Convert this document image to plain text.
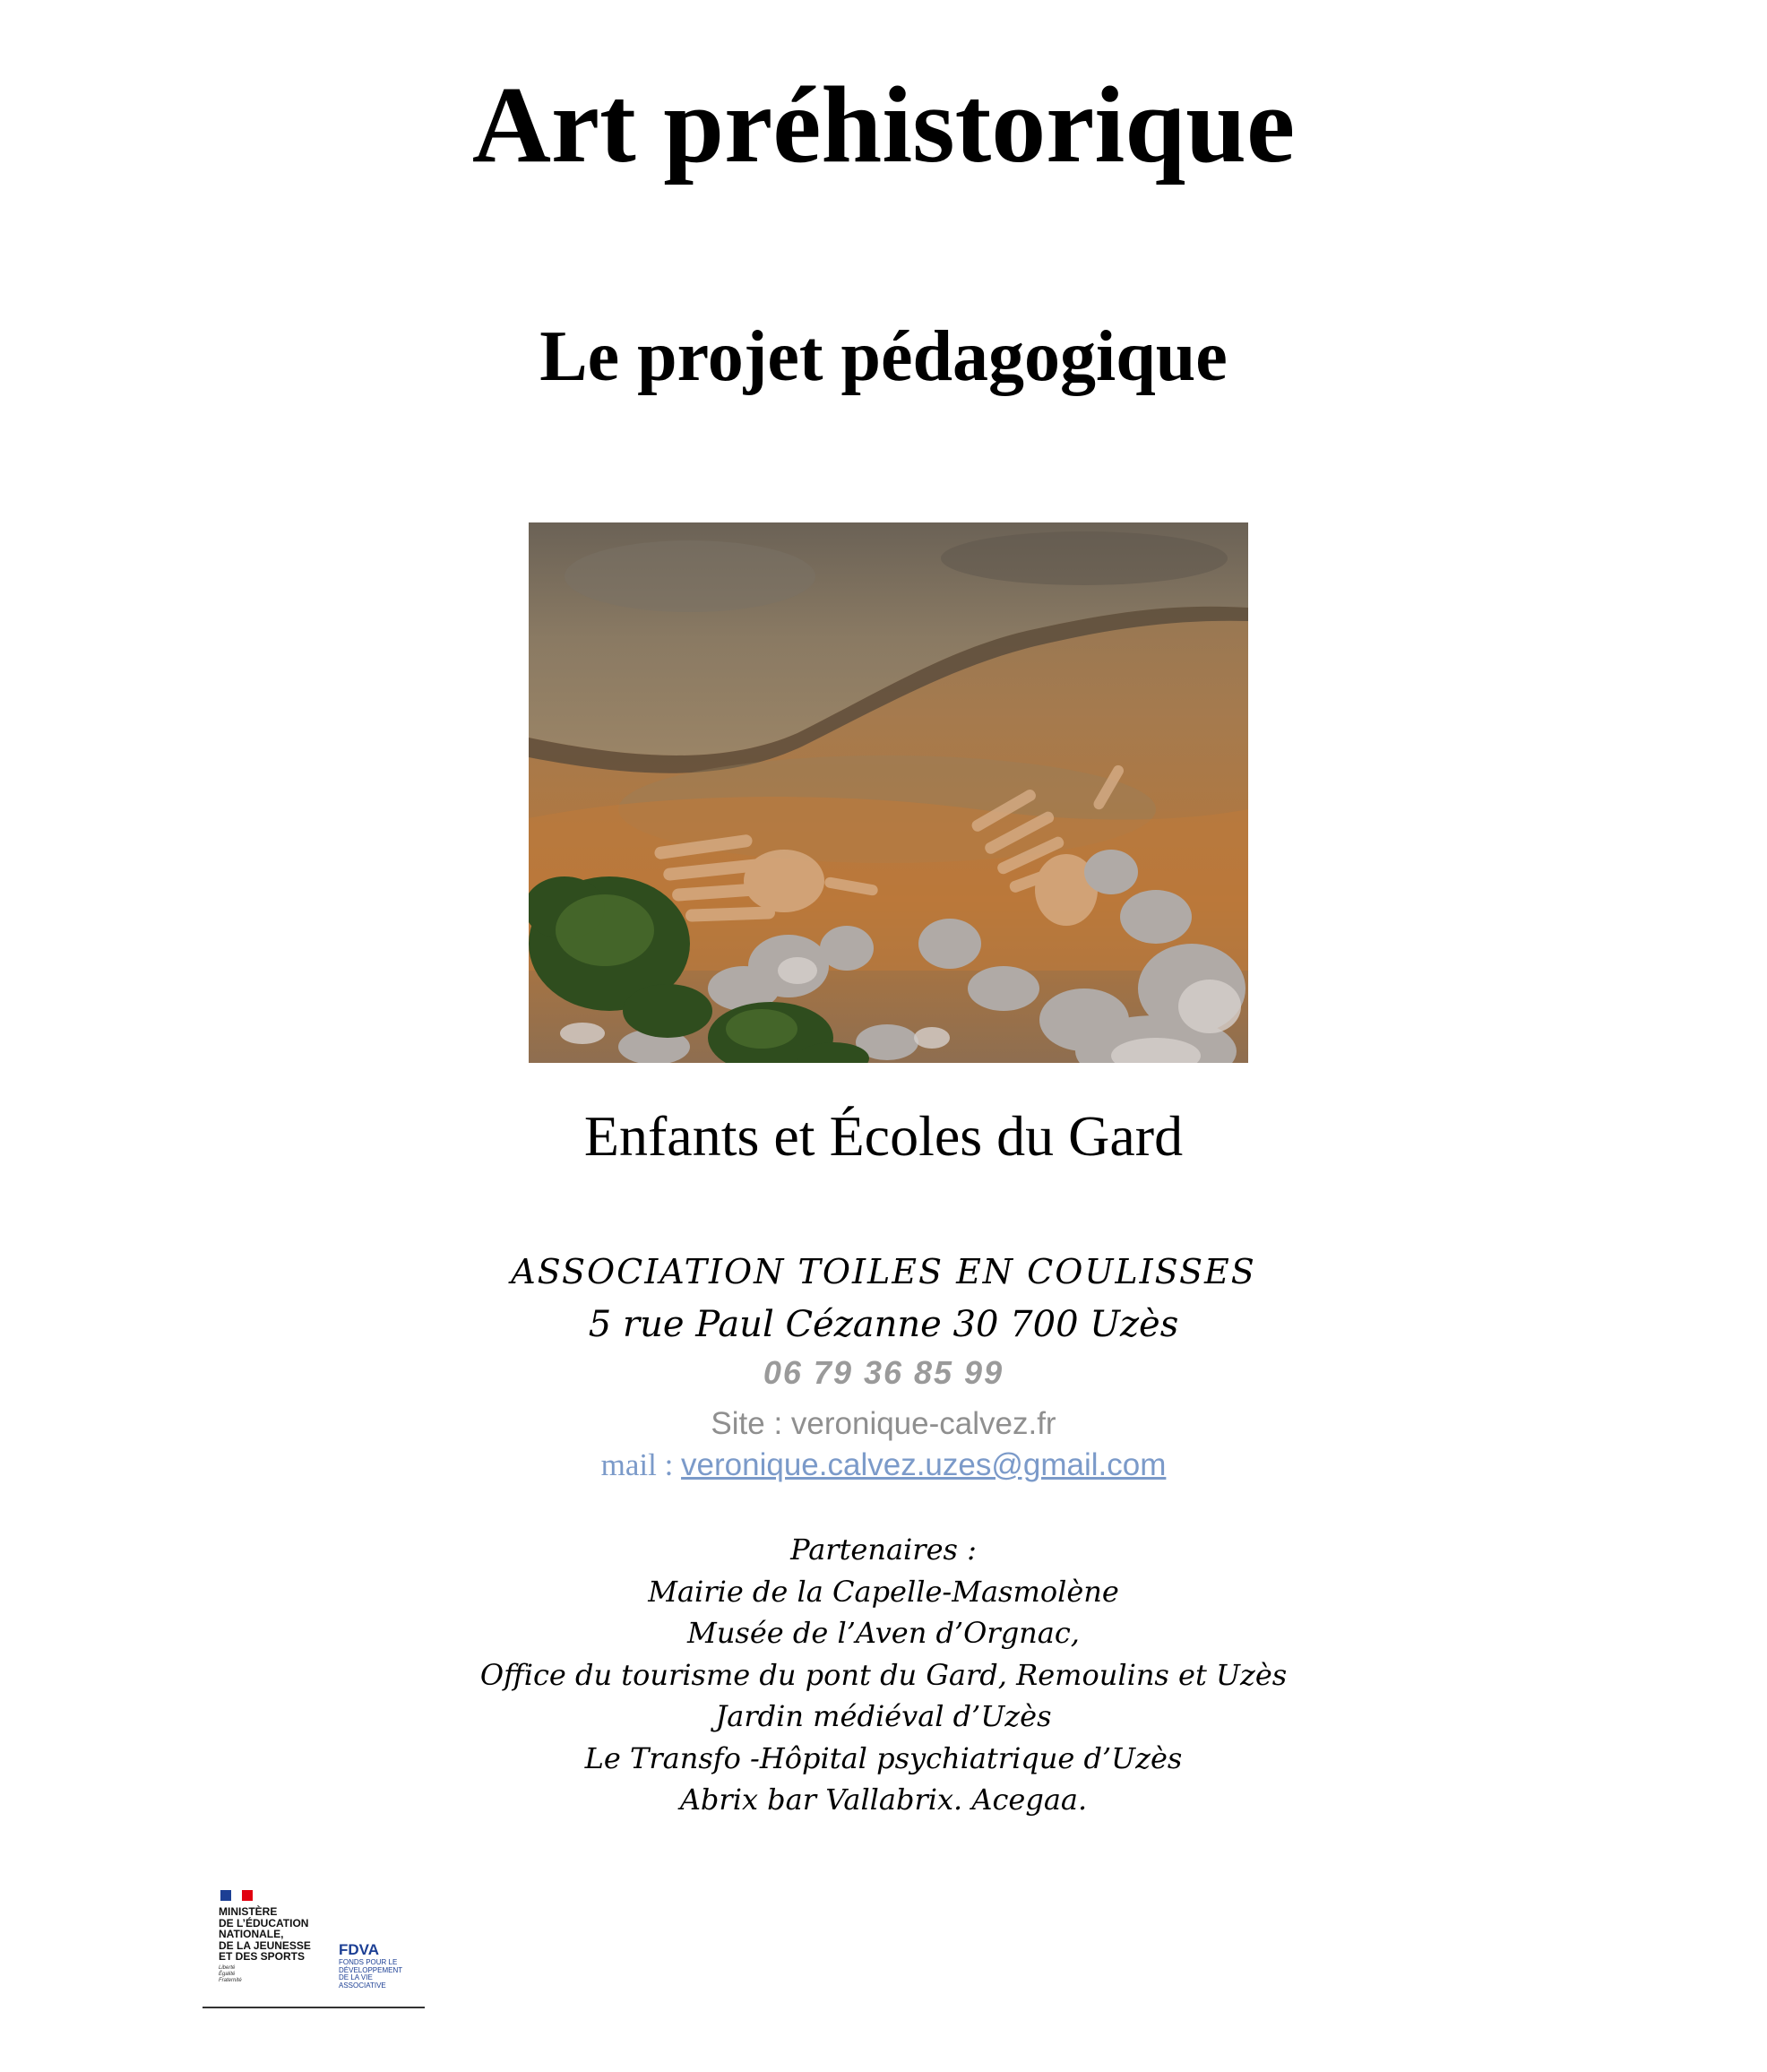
Art préhistorique
Le projet pédagogique
Enfants et Écoles du Gard
ASSOCIATION TOILES EN COULISSES
5 rue Paul Cézanne 30 700 Uzès
06 79 36 85 99
Site : veronique-calvez.fr
mail : veronique.calvez.uzes@gmail.com
Partenaires :
Mairie de la Capelle-Masmolène
Musée de l’Aven d’Orgnac,
Office du tourisme du pont du Gard, Remoulins et Uzès
Jardin médiéval d’Uzès
Le Transfo -Hôpital psychiatrique d’Uzès
Abrix bar Vallabrix. Acegaa.
MINISTÈRE
DE L’ÉDUCATION
NATIONALE,
DE LA JEUNESSE
ET DES SPORTS
Liberté
Égalité
Fraternité
FDVA
FONDS POUR LE
DÉVELOPPEMENT
DE LA VIE
ASSOCIATIVE
